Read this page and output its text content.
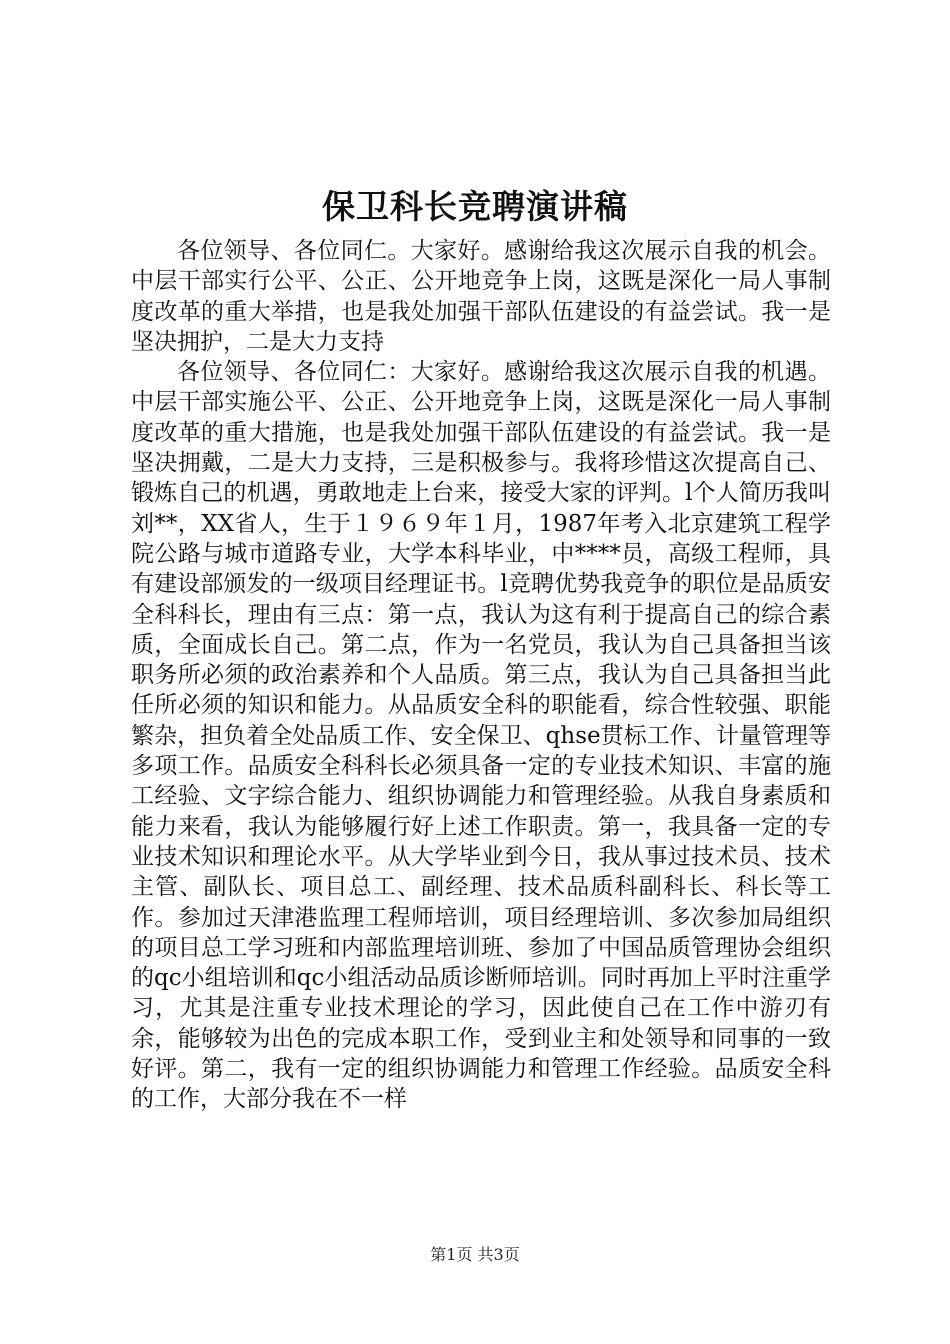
保卫科长竞聘演讲稿

各位领导、各位同仁。大家好。感谢给我这次展示自我的机会。中层干部实行公平、公正、公开地竞争上岗，这既是深化一局人事制度改革的重大举措，也是我处加强干部队伍建设的有益尝试。我一是坚决拥护，二是大力支持

各位领导、各位同仁：大家好。感谢给我这次展示自我的机遇。中层干部实施公平、公正、公开地竞争上岗，这既是深化一局人事制度改革的重大措施，也是我处加强干部队伍建设的有益尝试。我一是坚决拥戴，二是大力支持，三是积极参与。我将珍惜这次提高自己、锻炼自己的机遇，勇敢地走上台来，接受大家的评判。l个人简历我叫刘**，XX省人，生于１９６９年１月，1987年考入北京建筑工程学院公路与城市道路专业，大学本科毕业，中****员，高级工程师，具有建设部颁发的一级项目经理证书。l竞聘优势我竞争的职位是品质安全科科长，理由有三点：第一点，我认为这有利于提高自己的综合素质，全面成长自己。第二点，作为一名党员，我认为自己具备担当该职务所必须的政治素养和个人品质。第三点，我认为自己具备担当此任所必须的知识和能力。从品质安全科的职能看，综合性较强、职能繁杂，担负着全处品质工作、安全保卫、qhse贯标工作、计量管理等多项工作。品质安全科科长必须具备一定的专业技术知识、丰富的施工经验、文字综合能力、组织协调能力和管理经验。从我自身素质和能力来看，我认为能够履行好上述工作职责。第一，我具备一定的专业技术知识和理论水平。从大学毕业到今日，我从事过技术员、技术主管、副队长、项目总工、副经理、技术品质科副科长、科长等工作。参加过天津港监理工程师培训，项目经理培训、多次参加局组织的项目总工学习班和内部监理培训班、参加了中国品质管理协会组织的qc小组培训和qc小组活动品质诊断师培训。同时再加上平时注重学习，尤其是注重专业技术理论的学习，因此使自己在工作中游刃有余，能够较为出色的完成本职工作，受到业主和处领导和同事的一致好评。第二，我有一定的组织协调能力和管理工作经验。品质安全科的工作，大部分我在不一样

第1页 共3页
